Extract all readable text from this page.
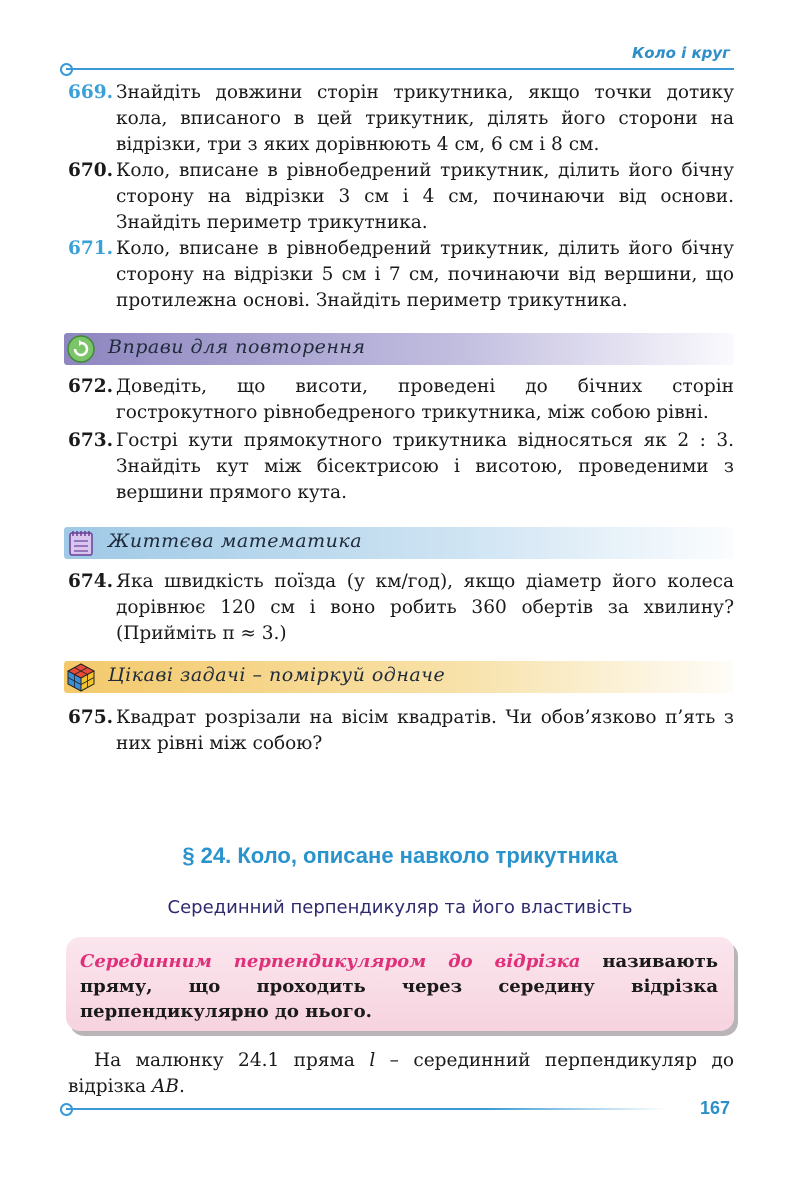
Коло і круг
669. Знайдіть довжини сторін трикутника, якщо точки дотику кола, вписаного в цей трикутник, ділять його сторони на відрізки, три з яких дорівнюють 4 см, 6 см і 8 см.
670. Коло, вписане в рівнобедрений трикутник, ділить його бічну сторону на відрізки 3 см і 4 см, починаючи від основи. Знайдіть периметр трикутника.
671. Коло, вписане в рівнобедрений трикутник, ділить його бічну сторону на відрізки 5 см і 7 см, починаючи від вершини, що протилежна основі. Знайдіть периметр трикутника.
Вправи для повторення
672. Доведіть, що висоти, проведені до бічних сторін гострокутного рівнобедреного трикутника, між собою рівні.
673. Гострі кути прямокутного трикутника відносяться як 2 : 3. Знайдіть кут між бісектрисою і висотою, проведеними з вершини прямого кута.
Життєва математика
674. Яка швидкість поїзда (у км/год), якщо діаметр його колеса дорівнює 120 см і воно робить 360 обертів за хвилину? (Прийміть π ≈ 3.)
Цікаві задачі – поміркуй одначе
675. Квадрат розрізали на вісім квадратів. Чи обов’язково п’ять з них рівні між собою?
§ 24. Коло, описане навколо трикутника
Серединний перпендикуляр та його властивість

Серединним перпендикуляром до відрізка називають пряму, що проходить через середину відрізка перпендикулярно до нього.

На малюнку 24.1 пряма l – серединний перпендикуляр до відрізка AB.
167
